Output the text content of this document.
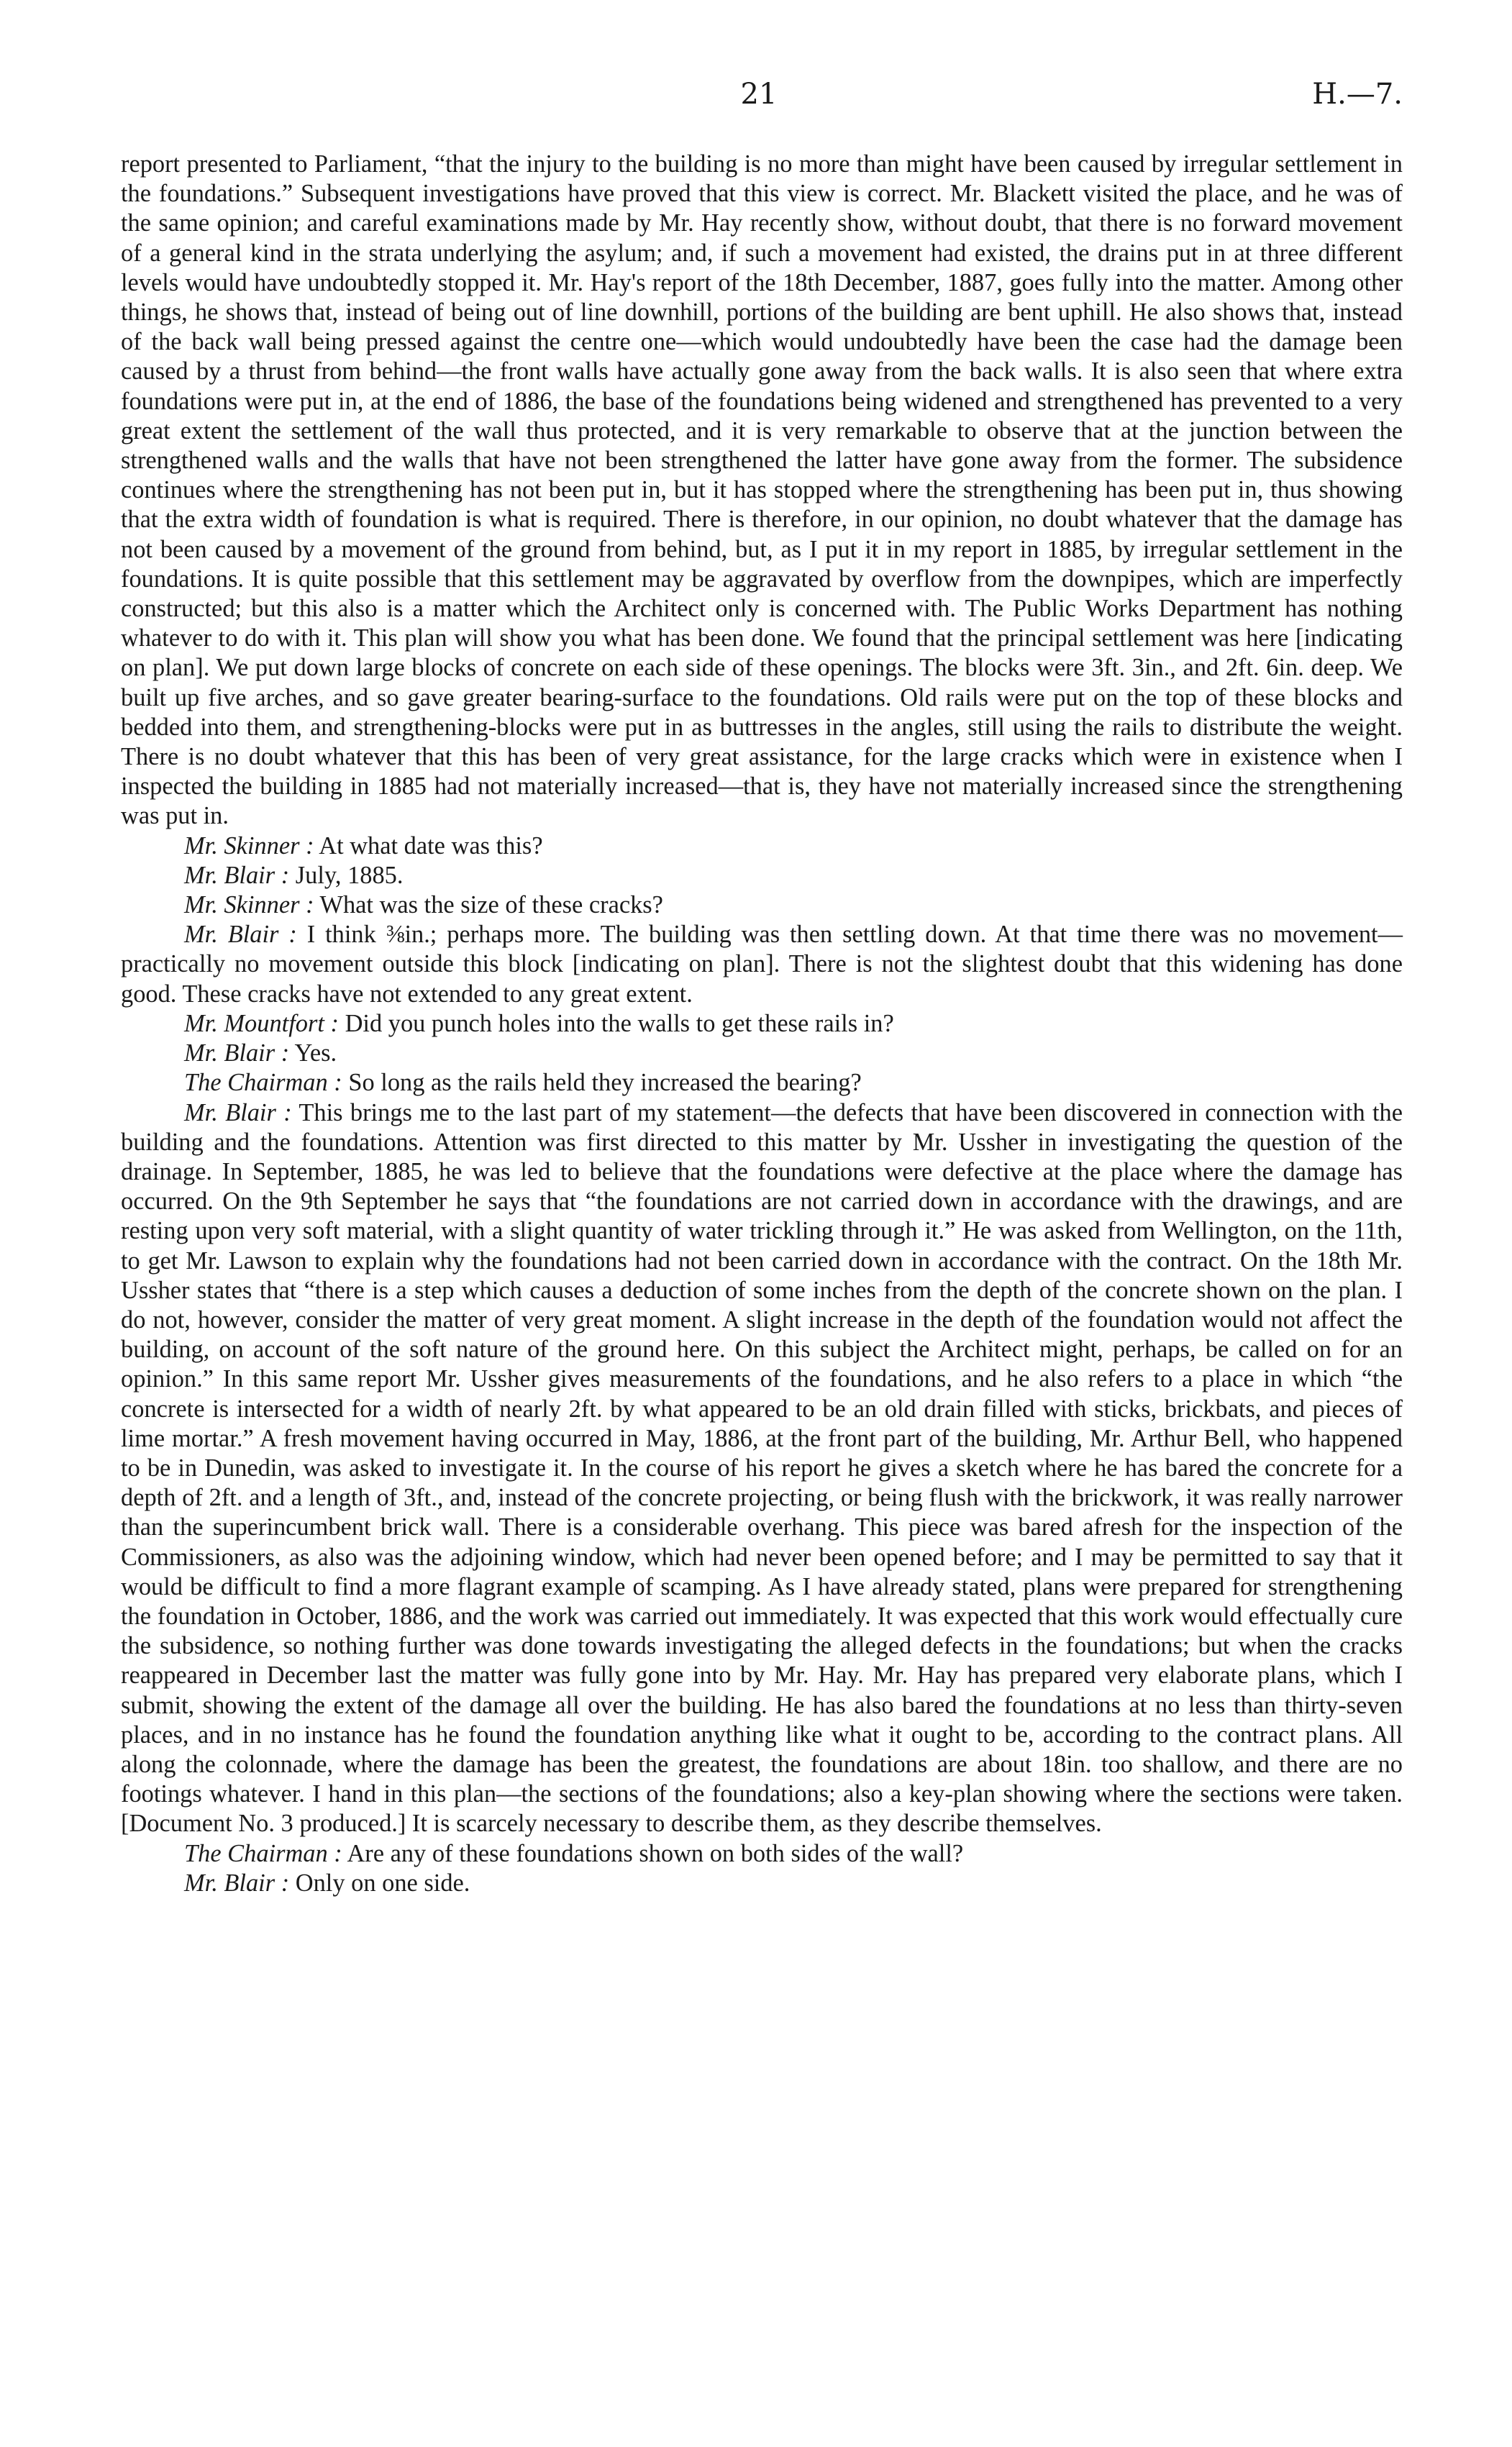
21	H.—7.

report presented to Parliament, “that the injury to the building is no more than might have been caused by irregular settlement in the foundations.” Subsequent investigations have proved that this view is correct. Mr. Blackett visited the place, and he was of the same opinion; and careful examinations made by Mr. Hay recently show, without doubt, that there is no forward movement of a general kind in the strata underlying the asylum; and, if such a movement had existed, the drains put in at three different levels would have undoubtedly stopped it. Mr. Hay's report of the 18th December, 1887, goes fully into the matter. Among other things, he shows that, instead of being out of line downhill, portions of the building are bent uphill. He also shows that, instead of the back wall being pressed against the centre one—which would undoubtedly have been the case had the damage been caused by a thrust from behind—the front walls have actually gone away from the back walls. It is also seen that where extra foundations were put in, at the end of 1886, the base of the foundations being widened and strengthened has prevented to a very great extent the settlement of the wall thus protected, and it is very remarkable to observe that at the junction between the strengthened walls and the walls that have not been strengthened the latter have gone away from the former. The subsidence continues where the strengthening has not been put in, but it has stopped where the strengthening has been put in, thus showing that the extra width of foundation is what is required. There is therefore, in our opinion, no doubt whatever that the damage has not been caused by a movement of the ground from behind, but, as I put it in my report in 1885, by irregular settlement in the foundations. It is quite possible that this settlement may be aggravated by overflow from the downpipes, which are imperfectly constructed; but this also is a matter which the Architect only is concerned with. The Public Works Department has nothing whatever to do with it. This plan will show you what has been done. We found that the principal settlement was here [indicating on plan]. We put down large blocks of concrete on each side of these openings. The blocks were 3ft. 3in., and 2ft. 6in. deep. We built up five arches, and so gave greater bearing-surface to the foundations. Old rails were put on the top of these blocks and bedded into them, and strengthening-blocks were put in as buttresses in the angles, still using the rails to distribute the weight. There is no doubt whatever that this has been of very great assistance, for the large cracks which were in existence when I inspected the building in 1885 had not materially increased—that is, they have not materially increased since the strengthening was put in.

Mr. Skinner : At what date was this?

Mr. Blair : July, 1885.

Mr. Skinner : What was the size of these cracks?

Mr. Blair : I think ⅜in.; perhaps more. The building was then settling down. At that time there was no movement—practically no movement outside this block [indicating on plan]. There is not the slightest doubt that this widening has done good. These cracks have not extended to any great extent.

Mr. Mountfort : Did you punch holes into the walls to get these rails in?

Mr. Blair : Yes.

The Chairman : So long as the rails held they increased the bearing?

Mr. Blair : This brings me to the last part of my statement—the defects that have been discovered in connection with the building and the foundations. Attention was first directed to this matter by Mr. Ussher in investigating the question of the drainage. In September, 1885, he was led to believe that the foundations were defective at the place where the damage has occurred. On the 9th September he says that “the foundations are not carried down in accordance with the drawings, and are resting upon very soft material, with a slight quantity of water trickling through it.” He was asked from Wellington, on the 11th, to get Mr. Lawson to explain why the foundations had not been carried down in accordance with the contract. On the 18th Mr. Ussher states that “there is a step which causes a deduction of some inches from the depth of the concrete shown on the plan. I do not, however, consider the matter of very great moment. A slight increase in the depth of the foundation would not affect the building, on account of the soft nature of the ground here. On this subject the Architect might, perhaps, be called on for an opinion.” In this same report Mr. Ussher gives measurements of the foundations, and he also refers to a place in which “the concrete is intersected for a width of nearly 2ft. by what appeared to be an old drain filled with sticks, brickbats, and pieces of lime mortar.” A fresh movement having occurred in May, 1886, at the front part of the building, Mr. Arthur Bell, who happened to be in Dunedin, was asked to investigate it. In the course of his report he gives a sketch where he has bared the concrete for a depth of 2ft. and a length of 3ft., and, instead of the concrete projecting, or being flush with the brickwork, it was really narrower than the superincumbent brick wall. There is a considerable overhang. This piece was bared afresh for the inspection of the Commissioners, as also was the adjoining window, which had never been opened before; and I may be permitted to say that it would be difficult to find a more flagrant example of scamping. As I have already stated, plans were prepared for strengthening the foundation in October, 1886, and the work was carried out immediately. It was expected that this work would effectually cure the subsidence, so nothing further was done towards investigating the alleged defects in the foundations; but when the cracks reappeared in December last the matter was fully gone into by Mr. Hay. Mr. Hay has prepared very elaborate plans, which I submit, showing the extent of the damage all over the building. He has also bared the foundations at no less than thirty-seven places, and in no instance has he found the foundation anything like what it ought to be, according to the contract plans. All along the colonnade, where the damage has been the greatest, the foundations are about 18in. too shallow, and there are no footings whatever. I hand in this plan—the sections of the foundations; also a key-plan showing where the sections were taken. [Document No. 3 produced.] It is scarcely necessary to describe them, as they describe themselves.

The Chairman : Are any of these foundations shown on both sides of the wall?

Mr. Blair : Only on one side.
